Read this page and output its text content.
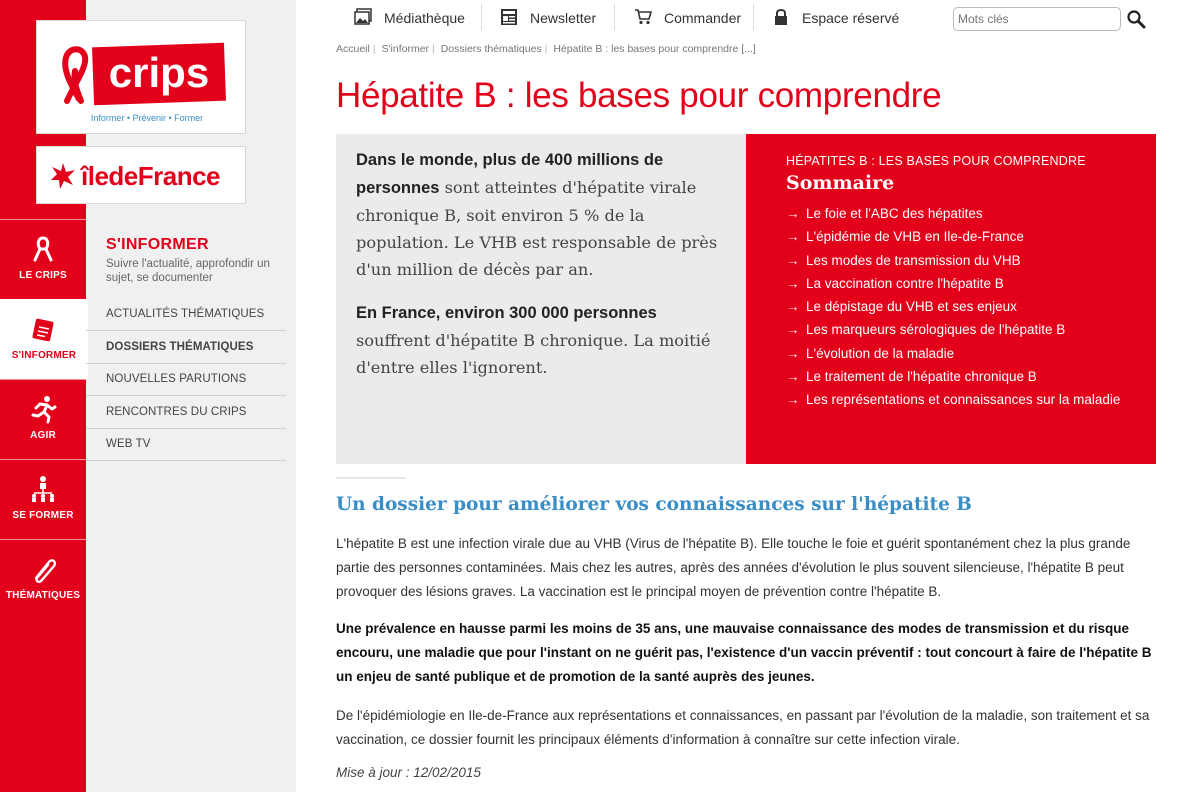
crips
Informer • Prévenir • Former
îledeFrance
LE CRIPS
S'INFORMER
AGIR
SE FORMER
THÉMATIQUES
S'INFORMER
Suivre l'actualité, approfondir un sujet, se documenter
ACTUALITÉS THÉMATIQUES
DOSSIERS THÉMATIQUES
NOUVELLES PARUTIONS
RENCONTRES DU CRIPS
WEB TV
Médiathèque	Newsletter	Commander	Espace réservé
Mots clés
Accueil | S'informer | Dossiers thématiques | Hépatite B : les bases pour comprendre [...]
Hépatite B : les bases pour comprendre

Dans le monde, plus de 400 millions de personnes sont atteintes d'hépatite virale chronique B, soit environ 5 % de la population. Le VHB est responsable de près d'un million de décès par an.

En France, environ 300 000 personnes souffrent d'hépatite B chronique. La moitié d'entre elles l'ignorent.

HÉPATITES B : LES BASES POUR COMPRENDRE
Sommaire
→ Le foie et l'ABC des hépatites
→ L'épidémie de VHB en Ile-de-France
→ Les modes de transmission du VHB
→ La vaccination contre l'hépatite B
→ Le dépistage du VHB et ses enjeux
→ Les marqueurs sérologiques de l'hépatite B
→ L'évolution de la maladie
→ Le traitement de l'hépatite chronique B
→ Les représentations et connaissances sur la maladie
Un dossier pour améliorer vos connaissances sur l'hépatite B
L'hépatite B est une infection virale due au VHB (Virus de l'hépatite B). Elle touche le foie et guérit spontanément chez la plus grande partie des personnes contaminées. Mais chez les autres, après des années d'évolution le plus souvent silencieuse, l'hépatite B peut provoquer des lésions graves. La vaccination est le principal moyen de prévention contre l'hépatite B.
Une prévalence en hausse parmi les moins de 35 ans, une mauvaise connaissance des modes de transmission et du risque encouru, une maladie que pour l'instant on ne guérit pas, l'existence d'un vaccin préventif : tout concourt à faire de l'hépatite B un enjeu de santé publique et de promotion de la santé auprès des jeunes.
De l'épidémiologie en Ile-de-France aux représentations et connaissances, en passant par l'évolution de la maladie, son traitement et sa vaccination, ce dossier fournit les principaux éléments d'information à connaître sur cette infection virale.
Mise à jour : 12/02/2015
